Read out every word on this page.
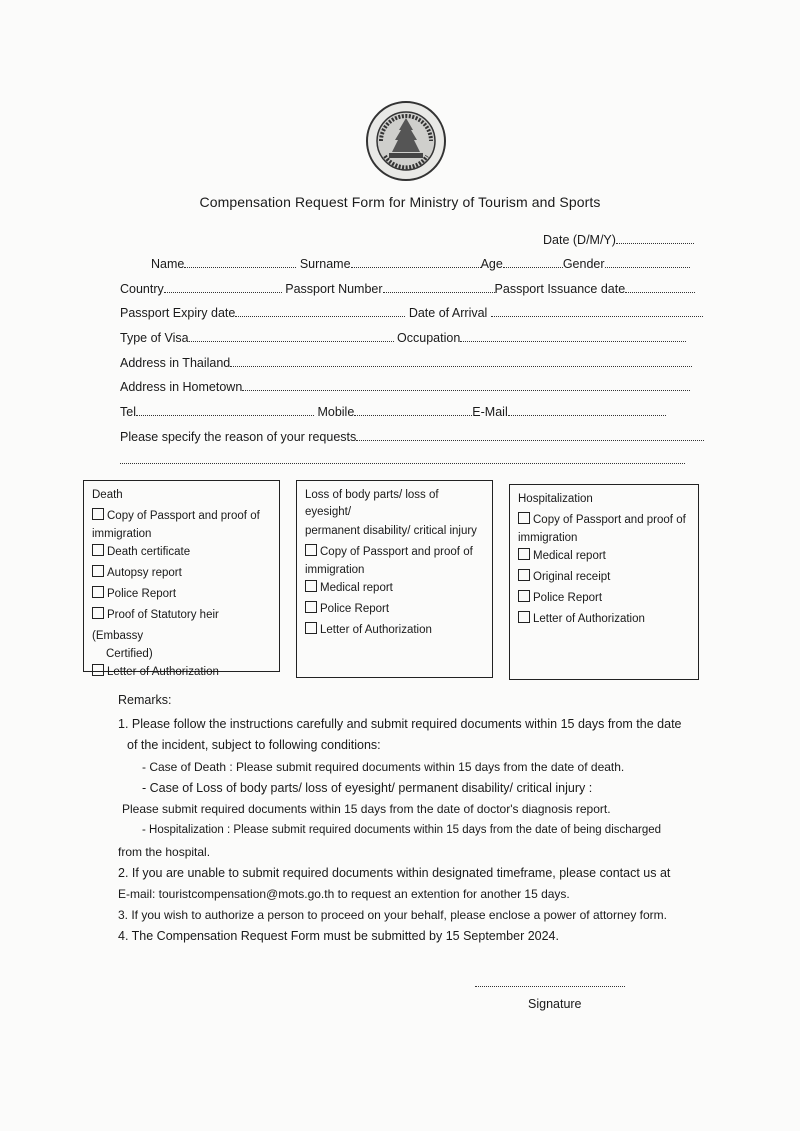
Compensation Request Form for Ministry of Tourism and Sports
Date (D/M/Y)
Name	Surname	Age	Gender
Country	Passport Number	Passport Issuance date
Passport Expiry date	Date of Arrival
Type of Visa	Occupation
Address in Thailand
Address in Hometown
Tel	Mobile	E-Mail
Please specify the reason of your requests
Death
Copy of Passport and proof of
immigration
Death certificate
Autopsy report
Police Report
Proof of Statutory heir (Embassy
Certified)
Letter of Authorization
Loss of body parts/ loss of eyesight/
permanent disability/ critical injury
Copy of Passport and proof of
immigration
Medical report
Police Report
Letter of Authorization
Hospitalization
Copy of Passport and proof of
immigration
Medical report
Original receipt
Police Report
Letter of Authorization
Remarks:
1. Please follow the instructions carefully and submit required documents within 15 days from the date
of the incident, subject to following conditions:
- Case of Death : Please submit required documents within 15 days from the date of death.
- Case of Loss of body parts/ loss of eyesight/ permanent disability/ critical injury :
Please submit required documents within 15 days from the date of doctor's diagnosis report.
- Hospitalization : Please submit required documents within 15 days from the date of being discharged
from the hospital.
2. If you are unable to submit required documents within designated timeframe, please contact us at
E-mail: touristcompensation@mots.go.th to request an extention for another 15 days.
3. If you wish to authorize a person to proceed on your behalf, please enclose a power of attorney form.
4. The Compensation Request Form must be submitted by 15 September 2024.
Signature
